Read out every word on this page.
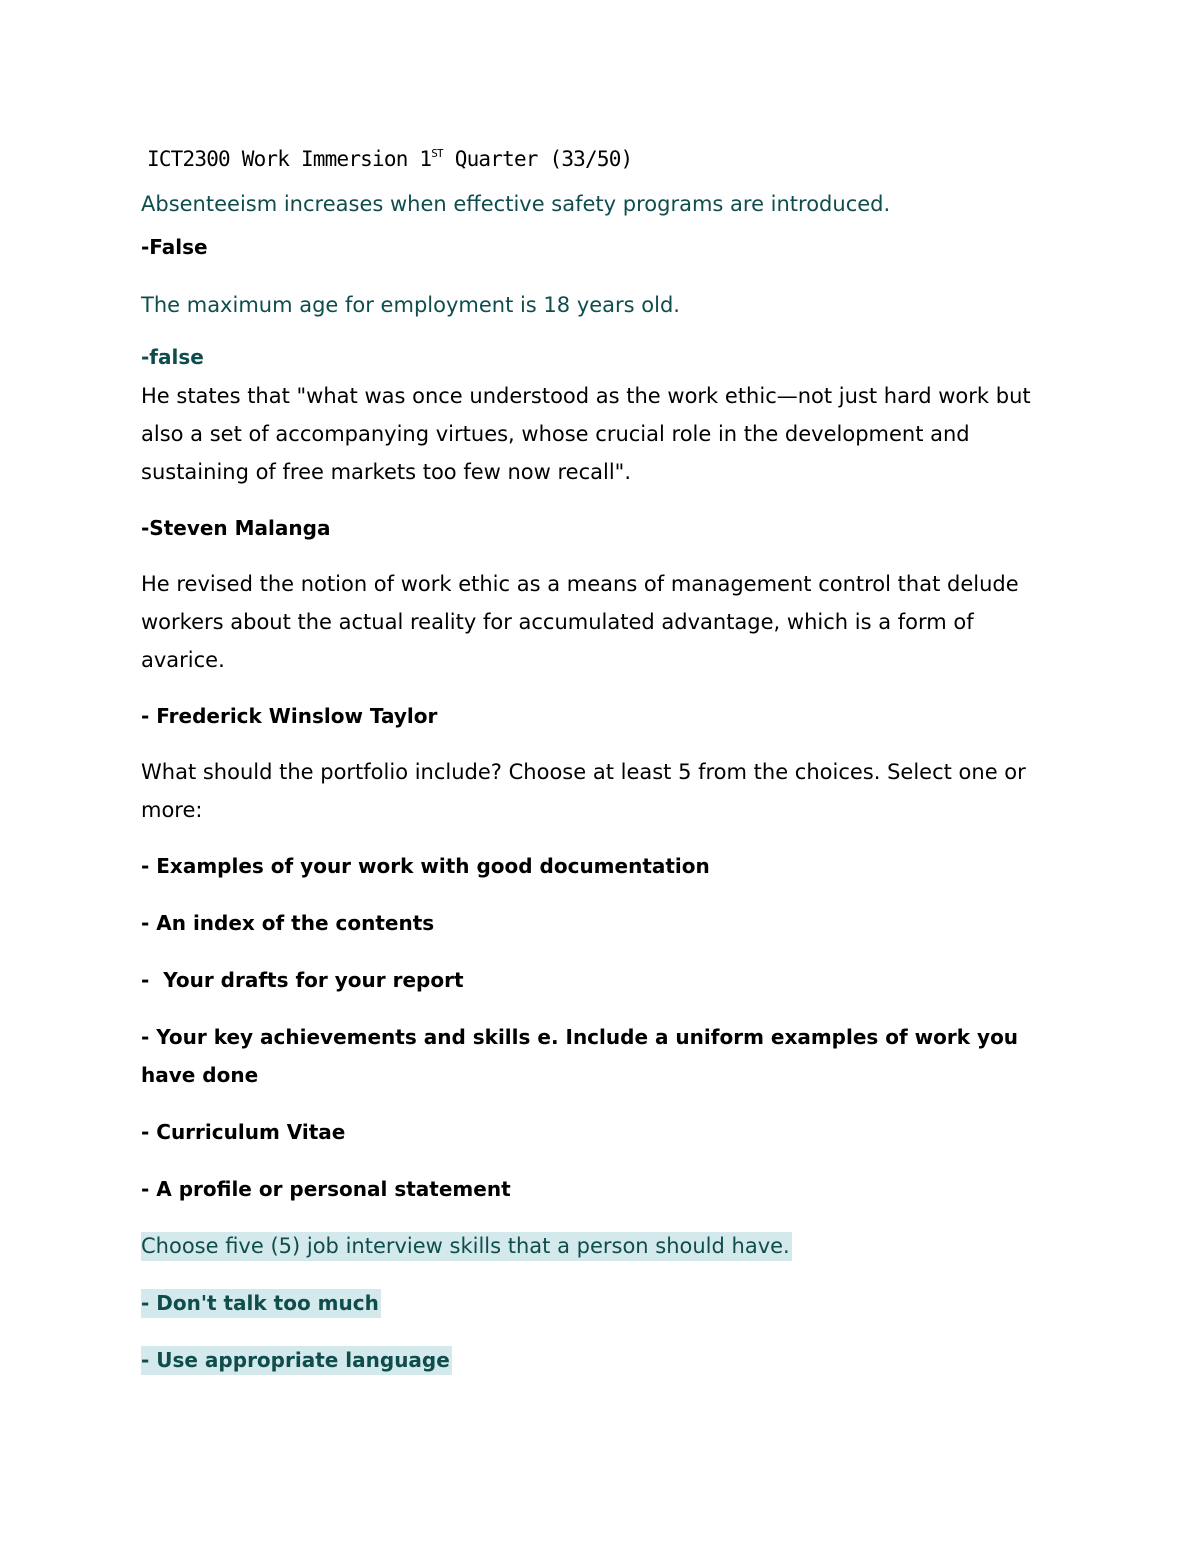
ICT2300 Work Immersion 1ST Quarter (33/50)

Absenteeism increases when effective safety programs are introduced.

-False

The maximum age for employment is 18 years old.

-false

He states that "what was once understood as the work ethic—not just hard work but also a set of accompanying virtues, whose crucial role in the development and sustaining of free markets too few now recall".

-Steven Malanga

He revised the notion of work ethic as a means of management control that delude workers about the actual reality for accumulated advantage, which is a form of avarice.

- Frederick Winslow Taylor

What should the portfolio include? Choose at least 5 from the choices. Select one or more:

- Examples of your work with good documentation

- An index of the contents

-  Your drafts for your report

- Your key achievements and skills e. Include a uniform examples of work you have done

- Curriculum Vitae

- A profile or personal statement

Choose five (5) job interview skills that a person should have.

- Don't talk too much

- Use appropriate language
